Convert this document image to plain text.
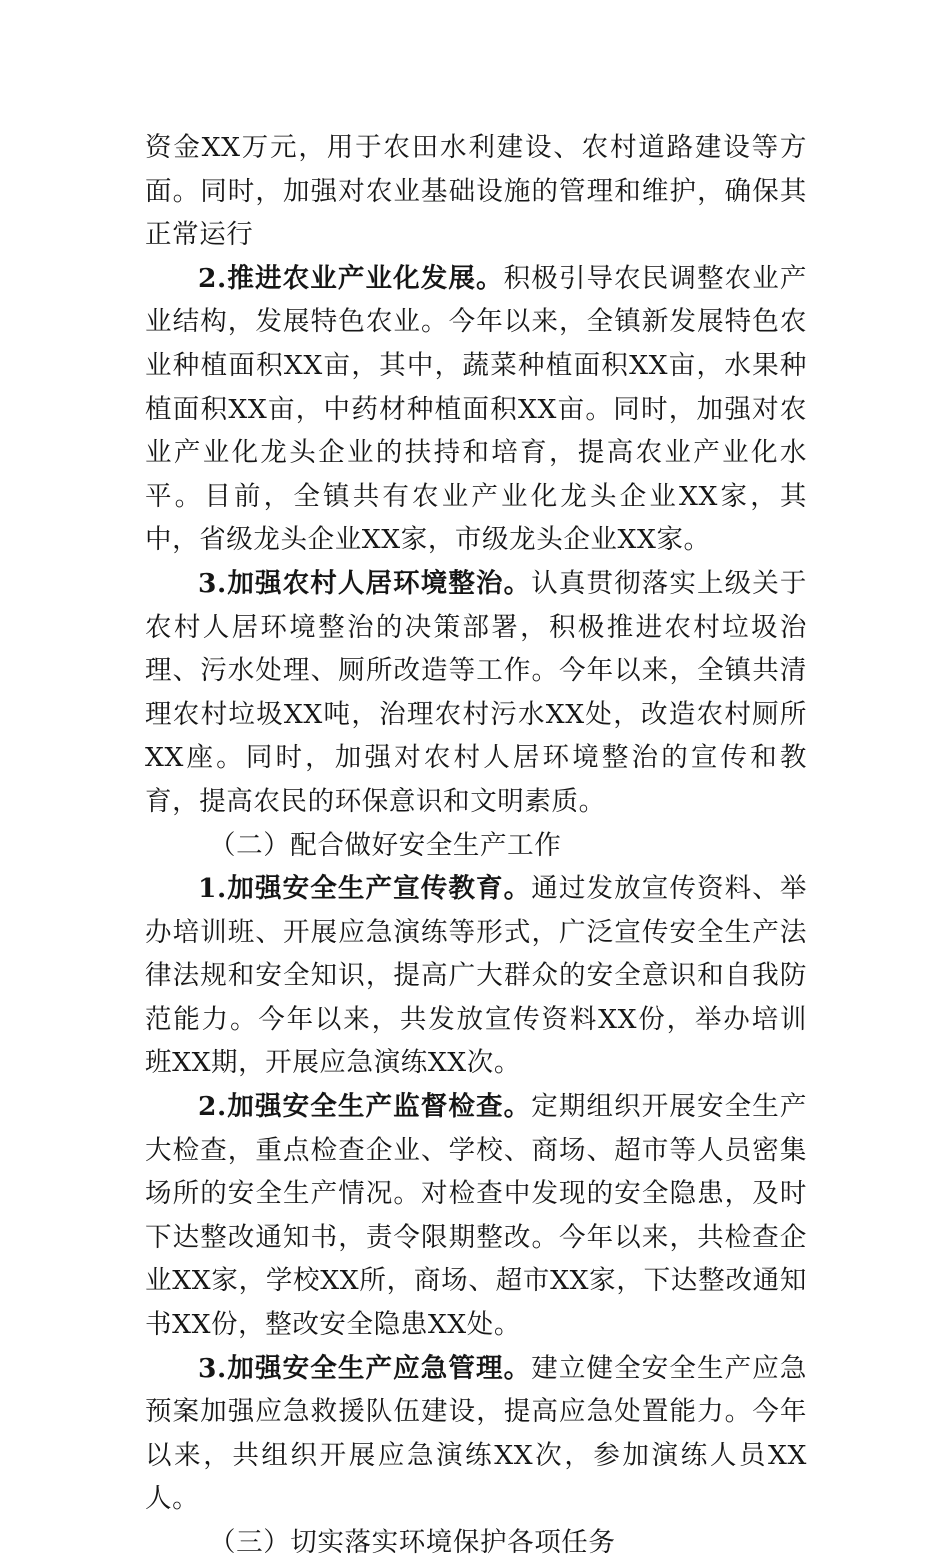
资金XX万元，用于农田水利建设、农村道路建设等方面。同时，加强对农业基础设施的管理和维护，确保其正常运行

2.推进农业产业化发展。积极引导农民调整农业产业结构，发展特色农业。今年以来，全镇新发展特色农业种植面积XX亩，其中，蔬菜种植面积XX亩，水果种植面积XX亩，中药材种植面积XX亩。同时，加强对农业产业化龙头企业的扶持和培育，提高农业产业化水平。目前，全镇共有农业产业化龙头企业XX家，其中，省级龙头企业XX家，市级龙头企业XX家。

3.加强农村人居环境整治。认真贯彻落实上级关于农村人居环境整治的决策部署，积极推进农村垃圾治理、污水处理、厕所改造等工作。今年以来，全镇共清理农村垃圾XX吨，治理农村污水XX处，改造农村厕所XX座。同时，加强对农村人居环境整治的宣传和教育，提高农民的环保意识和文明素质。

（二）配合做好安全生产工作

1.加强安全生产宣传教育。通过发放宣传资料、举办培训班、开展应急演练等形式，广泛宣传安全生产法律法规和安全知识，提高广大群众的安全意识和自我防范能力。今年以来，共发放宣传资料XX份，举办培训班XX期，开展应急演练XX次。

2.加强安全生产监督检查。定期组织开展安全生产大检查，重点检查企业、学校、商场、超市等人员密集场所的安全生产情况。对检查中发现的安全隐患，及时下达整改通知书，责令限期整改。今年以来，共检查企业XX家，学校XX所，商场、超市XX家，下达整改通知书XX份，整改安全隐患XX处。

3.加强安全生产应急管理。建立健全安全生产应急预案加强应急救援队伍建设，提高应急处置能力。今年以来，共组织开展应急演练XX次，参加演练人员XX人。

（三）切实落实环境保护各项任务
